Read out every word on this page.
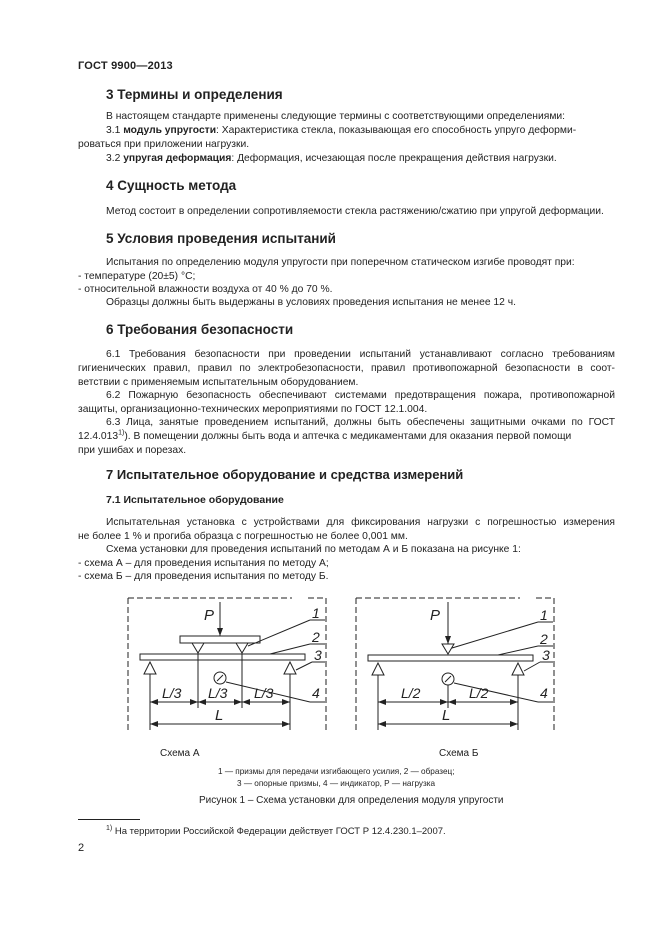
ГОСТ 9900—2013
3 Термины и определения
В настоящем стандарте применены следующие термины с соответствующими определениями:
3.1 модуль упругости: Характеристика стекла, показывающая его способность упруго деформи-
роваться при приложении нагрузки.
3.2 упругая деформация: Деформация, исчезающая после прекращения действия нагрузки.
4 Сущность метода
Метод состоит в определении сопротивляемости стекла растяжению/сжатию при упругой деформации.
5 Условия проведения испытаний
Испытания по определению модуля упругости при поперечном статическом изгибе проводят при:
- температуре (20±5) °С;
- относительной влажности воздуха от 40 % до 70 %.
Образцы должны быть выдержаны в условиях проведения испытания не менее 12 ч.
6 Требования безопасности
6.1 Требования безопасности при проведении испытаний устанавливают согласно требованиям
гигиенических правил, правил по электробезопасности, правил противопожарной безопасности в соот-
ветствии с применяемым испытательным оборудованием.
6.2 Пожарную безопасность обеспечивают системами предотвращения пожара, противопожарной
защиты, организационно-технических мероприятиями по ГОСТ 12.1.004.
6.3 Лица, занятые проведением испытаний, должны быть обеспечены защитными очками по ГОСТ
12.4.013$^{1)}$). В помещении должны быть вода и аптечка с медикаментами для оказания первой помощи
при ушибах и порезах.
7 Испытательное оборудование и средства измерений
7.1 Испытательное оборудование
Испытательная установка с устройствами для фиксирования нагрузки с погрешностью измерения
не более 1 % и прогиба образца с погрешностью не более 0,001 мм.
Схема установки для проведения испытаний по методам А и Б показана на рисунке 1:
- схема А – для проведения испытания по методу А;
- схема Б – для проведения испытания по методу Б.
P	1
2
3
4
L/3 L/3 L/3
L
P	1
2
3
4
L/2	L/2
L
Схема А	Схема Б
1 — призмы для передачи изгибающего усилия, 2 — образец;
3 — опорные призмы, 4 — индикатор, Р — нагрузка
Рисунок 1 – Схема установки для определения модуля упругости
$^{1)}$ На территории Российской Федерации действует ГОСТ Р 12.4.230.1–2007.
2
